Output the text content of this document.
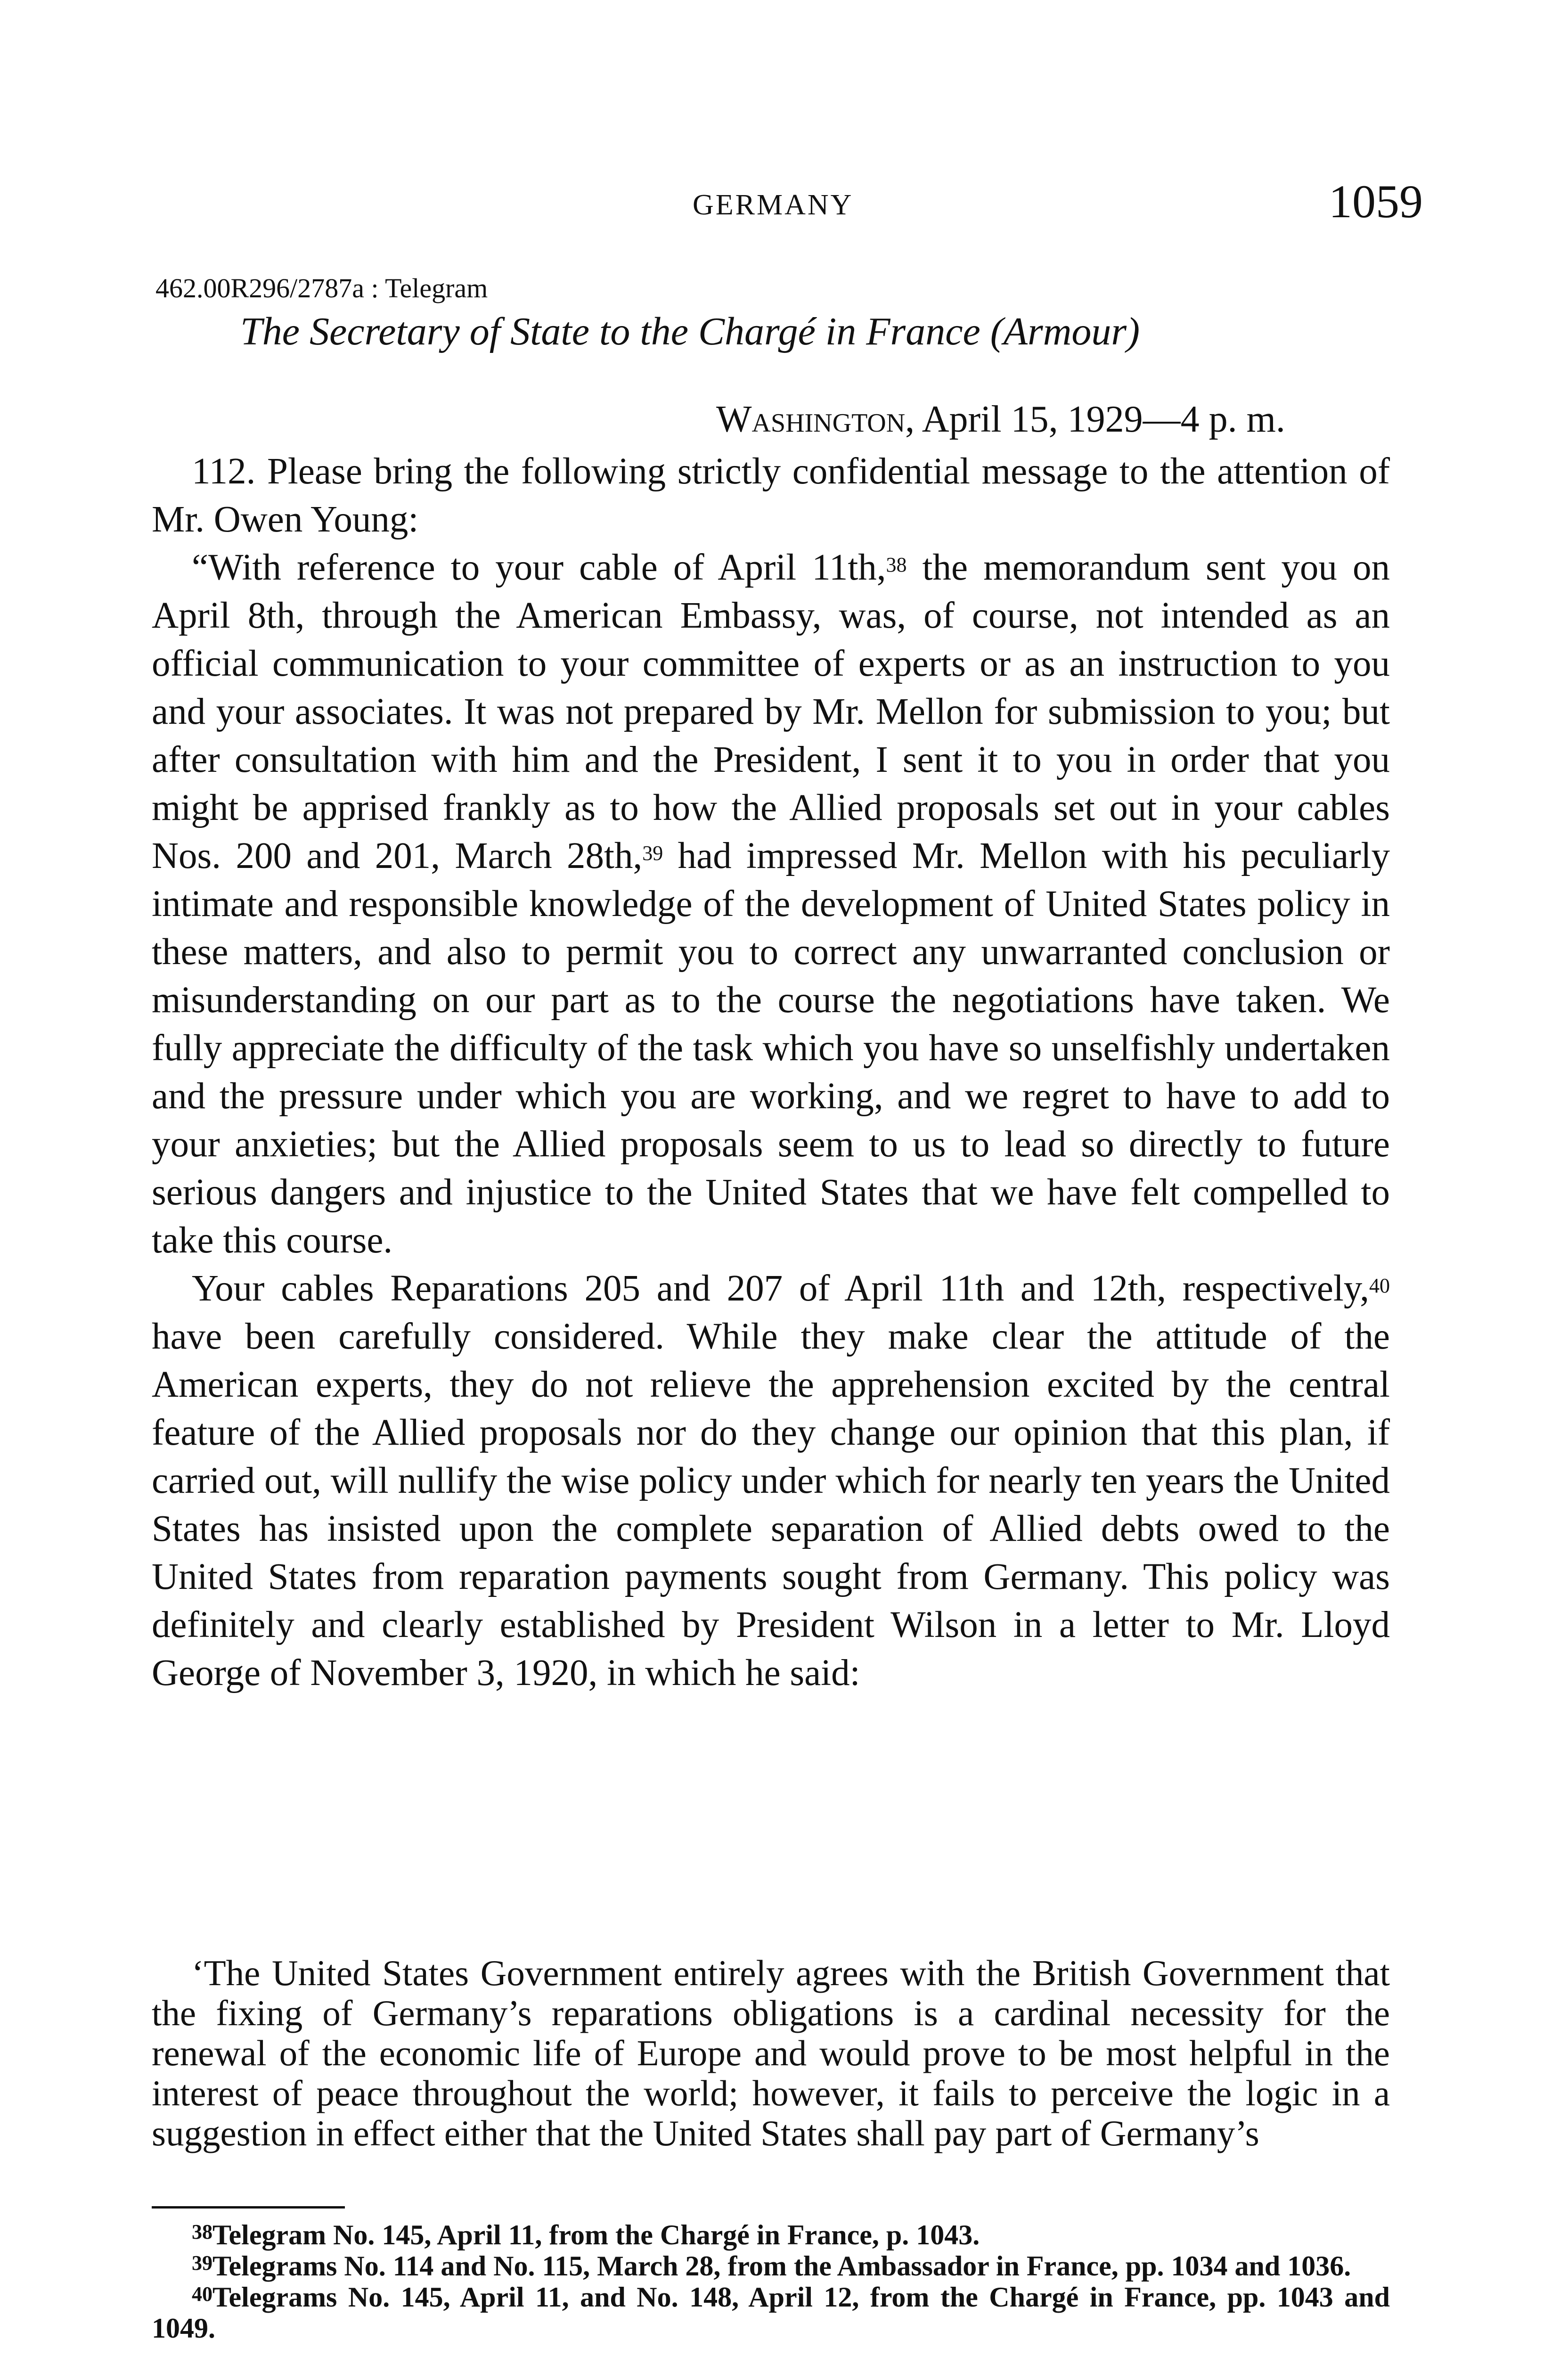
GERMANY	1059
462.00R296/2787a : Telegram
The Secretary of State to the Chargé in France (Armour)
Washington, April 15, 1929—4 p. m.

112. Please bring the following strictly confidential message to the attention of Mr. Owen Young:

“With reference to your cable of April 11th,$^{38}$ the memorandum sent you on April 8th, through the American Embassy, was, of course, not intended as an official communication to your committee of experts or as an instruction to you and your associates. It was not prepared by Mr. Mellon for submission to you; but after consultation with him and the President, I sent it to you in order that you might be apprised frankly as to how the Allied proposals set out in your cables Nos. 200 and 201, March 28th,$^{39}$ had impressed Mr. Mellon with his peculiarly intimate and responsible knowledge of the development of United States policy in these matters, and also to permit you to correct any unwarranted conclusion or misunderstanding on our part as to the course the negotiations have taken. We fully appreciate the difficulty of the task which you have so unselfishly undertaken and the pressure under which you are working, and we regret to have to add to your anxieties; but the Allied proposals seem to us to lead so directly to future serious dangers and injustice to the United States that we have felt compelled to take this course.

Your cables Reparations 205 and 207 of April 11th and 12th, respectively,$^{40}$ have been carefully considered. While they make clear the attitude of the American experts, they do not relieve the apprehension excited by the central feature of the Allied proposals nor do they change our opinion that this plan, if carried out, will nullify the wise policy under which for nearly ten years the United States has insisted upon the complete separation of Allied debts owed to the United States from reparation payments sought from Germany. This policy was definitely and clearly established by President Wilson in a letter to Mr. Lloyd George of November 3, 1920, in which he said:

‘The United States Government entirely agrees with the British Government that the fixing of Germany’s reparations obligations is a cardinal necessity for the renewal of the economic life of Europe and would prove to be most helpful in the interest of peace throughout the world; however, it fails to perceive the logic in a suggestion in effect either that the United States shall pay part of Germany’s

$^{38}$Telegram No. 145, April 11, from the Chargé in France, p. 1043.

$^{39}$Telegrams No. 114 and No. 115, March 28, from the Ambassador in France, pp. 1034 and 1036.

$^{40}$Telegrams No. 145, April 11, and No. 148, April 12, from the Chargé in France, pp. 1043 and 1049.
